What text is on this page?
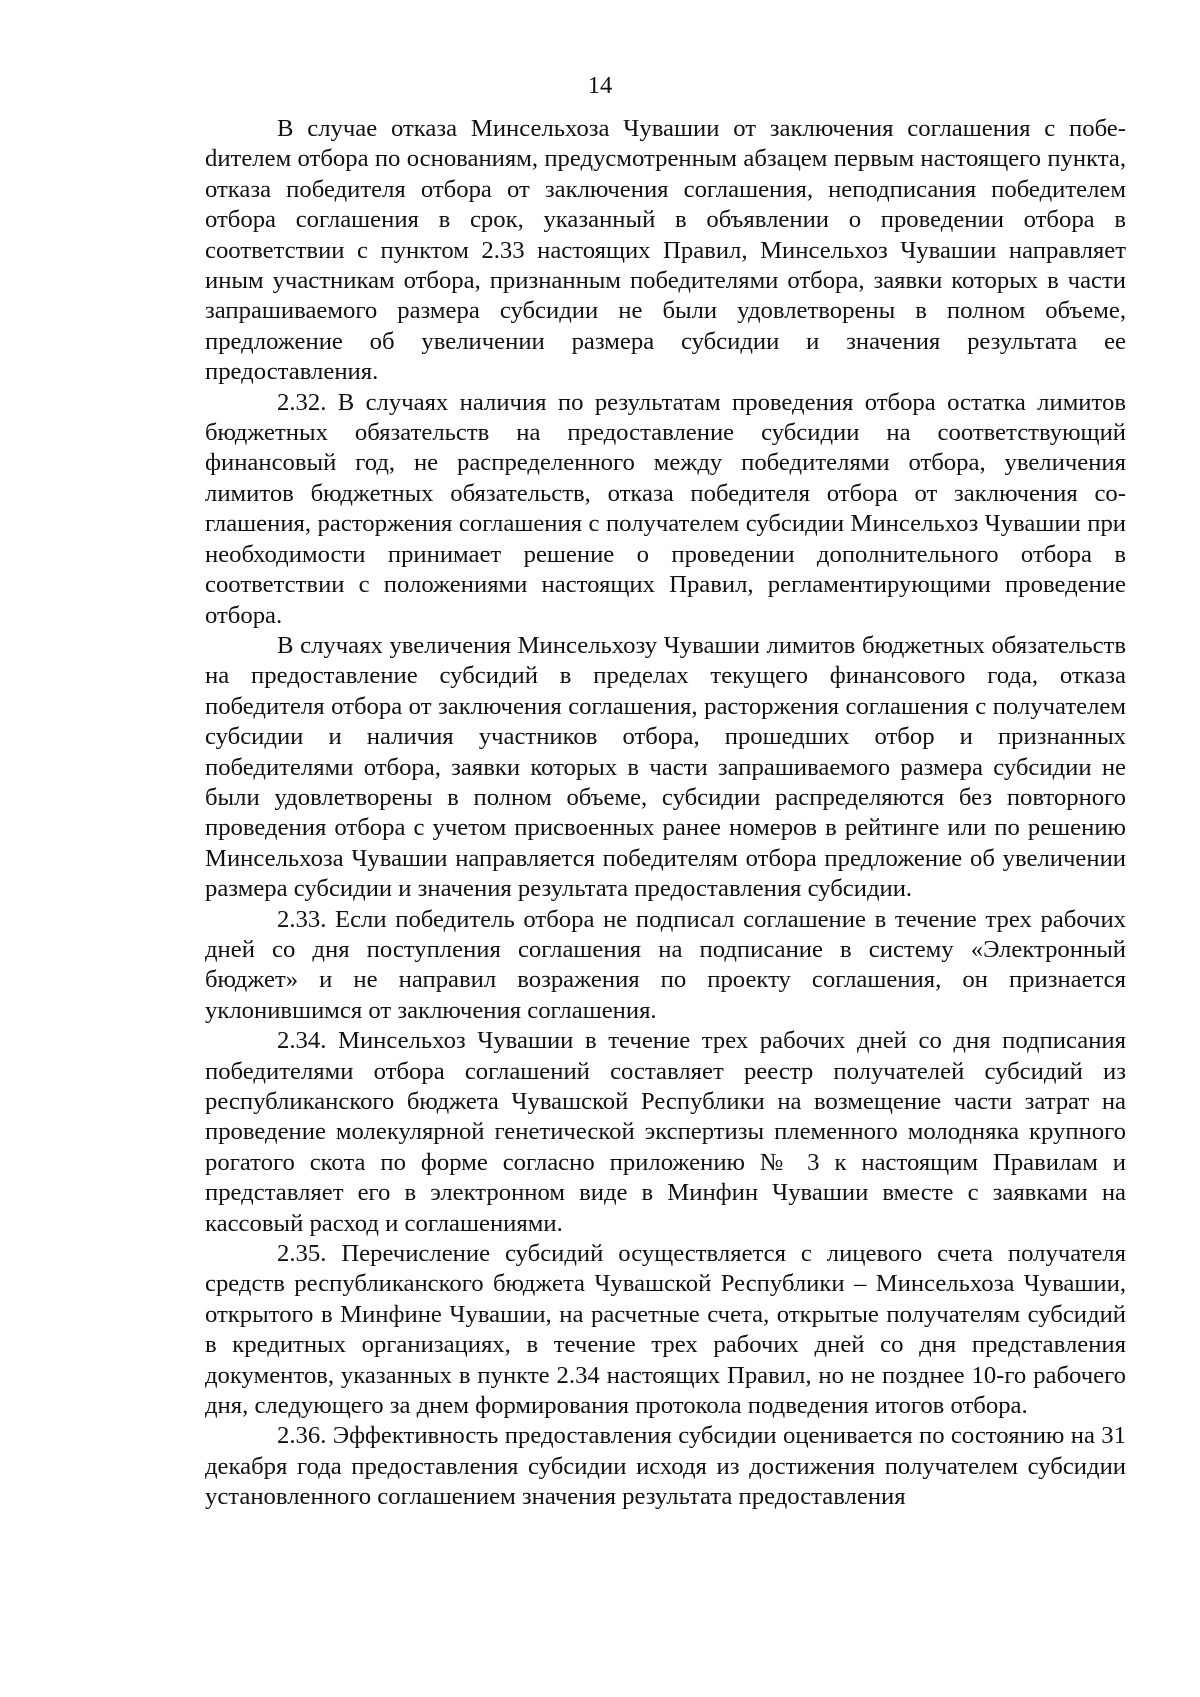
14

В случае отказа Минсельхоза Чувашии от заключения соглашения с побеdителем отбора по основаниям, предусмотренным абзацем первым настоящего пункта, отказа победителя отбора от заключения соглашения, неподписания победителем отбора соглашения в срок, указанный в объявлении о проведении отбора в соответствии с пунктом 2.33 настоящих Правил, Минсельхоз Чувашии направляет иным участникам отбора, признанным победителями отбора, заявки которых в части запрашиваемого размера субсидии не были удовлетворены в полном объеме, предложение об увеличении размера субсидии и значения результата ее предоставления.

2.32. В случаях наличия по результатам проведения отбора остатка лимитов бюджетных обязательств на предоставление субсидии на соответствующий финансовый год, не распределенного между победителями отбора, увеличения лимитов бюджетных обязательств, отказа победителя отбора от заключения соглашения, расторжения соглашения с получателем субсидии Минсельхоз Чувашии при необходимости принимает решение о проведении дополнительного отбора в соответствии с положениями настоящих Правил, регламентирующими проведение отбора.

В случаях увеличения Минсельхозу Чувашии лимитов бюджетных обязательств на предоставление субсидий в пределах текущего финансового года, отказа победителя отбора от заключения соглашения, расторжения соглашения с получателем субсидии и наличия участников отбора, прошедших отбор и признанных победителями отбора, заявки которых в части запрашиваемого размера субсидии не были удовлетворены в полном объеме, субсидии распределяются без повторного проведения отбора с учетом присвоенных ранее номеров в рейтинге или по решению Минсельхоза Чувашии направляется победителям отбора предложение об увеличении размера субсидии и значения результата предоставления субсидии.

2.33. Если победитель отбора не подписал соглашение в течение трех рабочих дней со дня поступления соглашения на подписание в систему «Электронный бюджет» и не направил возражения по проекту соглашения, он признается уклонившимся от заключения соглашения.

2.34. Минсельхоз Чувашии в течение трех рабочих дней со дня подписания победителями отбора соглашений составляет реестр получателей субсидий из республиканского бюджета Чувашской Республики на возмещение части затрат на проведение молекулярной генетической экспертизы племенного молодняка крупного рогатого скота по форме согласно приложению № 3 к настоящим Правилам и представляет его в электронном виде в Минфин Чувашии вместе с заявками на кассовый расход и соглашениями.

2.35. Перечисление субсидий осуществляется с лицевого счета получателя средств республиканского бюджета Чувашской Республики – Минсельхоза Чувашии, открытого в Минфине Чувашии, на расчетные счета, открытые получателям субсидий в кредитных организациях, в течение трех рабочих дней со дня представления документов, указанных в пункте 2.34 настоящих Правил, но не позднее 10-го рабочего дня, следующего за днем формирования протокола подведения итогов отбора.

2.36. Эффективность предоставления субсидии оценивается по состоянию на 31 декабря года предоставления субсидии исходя из достижения получателем субсидии установленного соглашением значения результата предоставления
